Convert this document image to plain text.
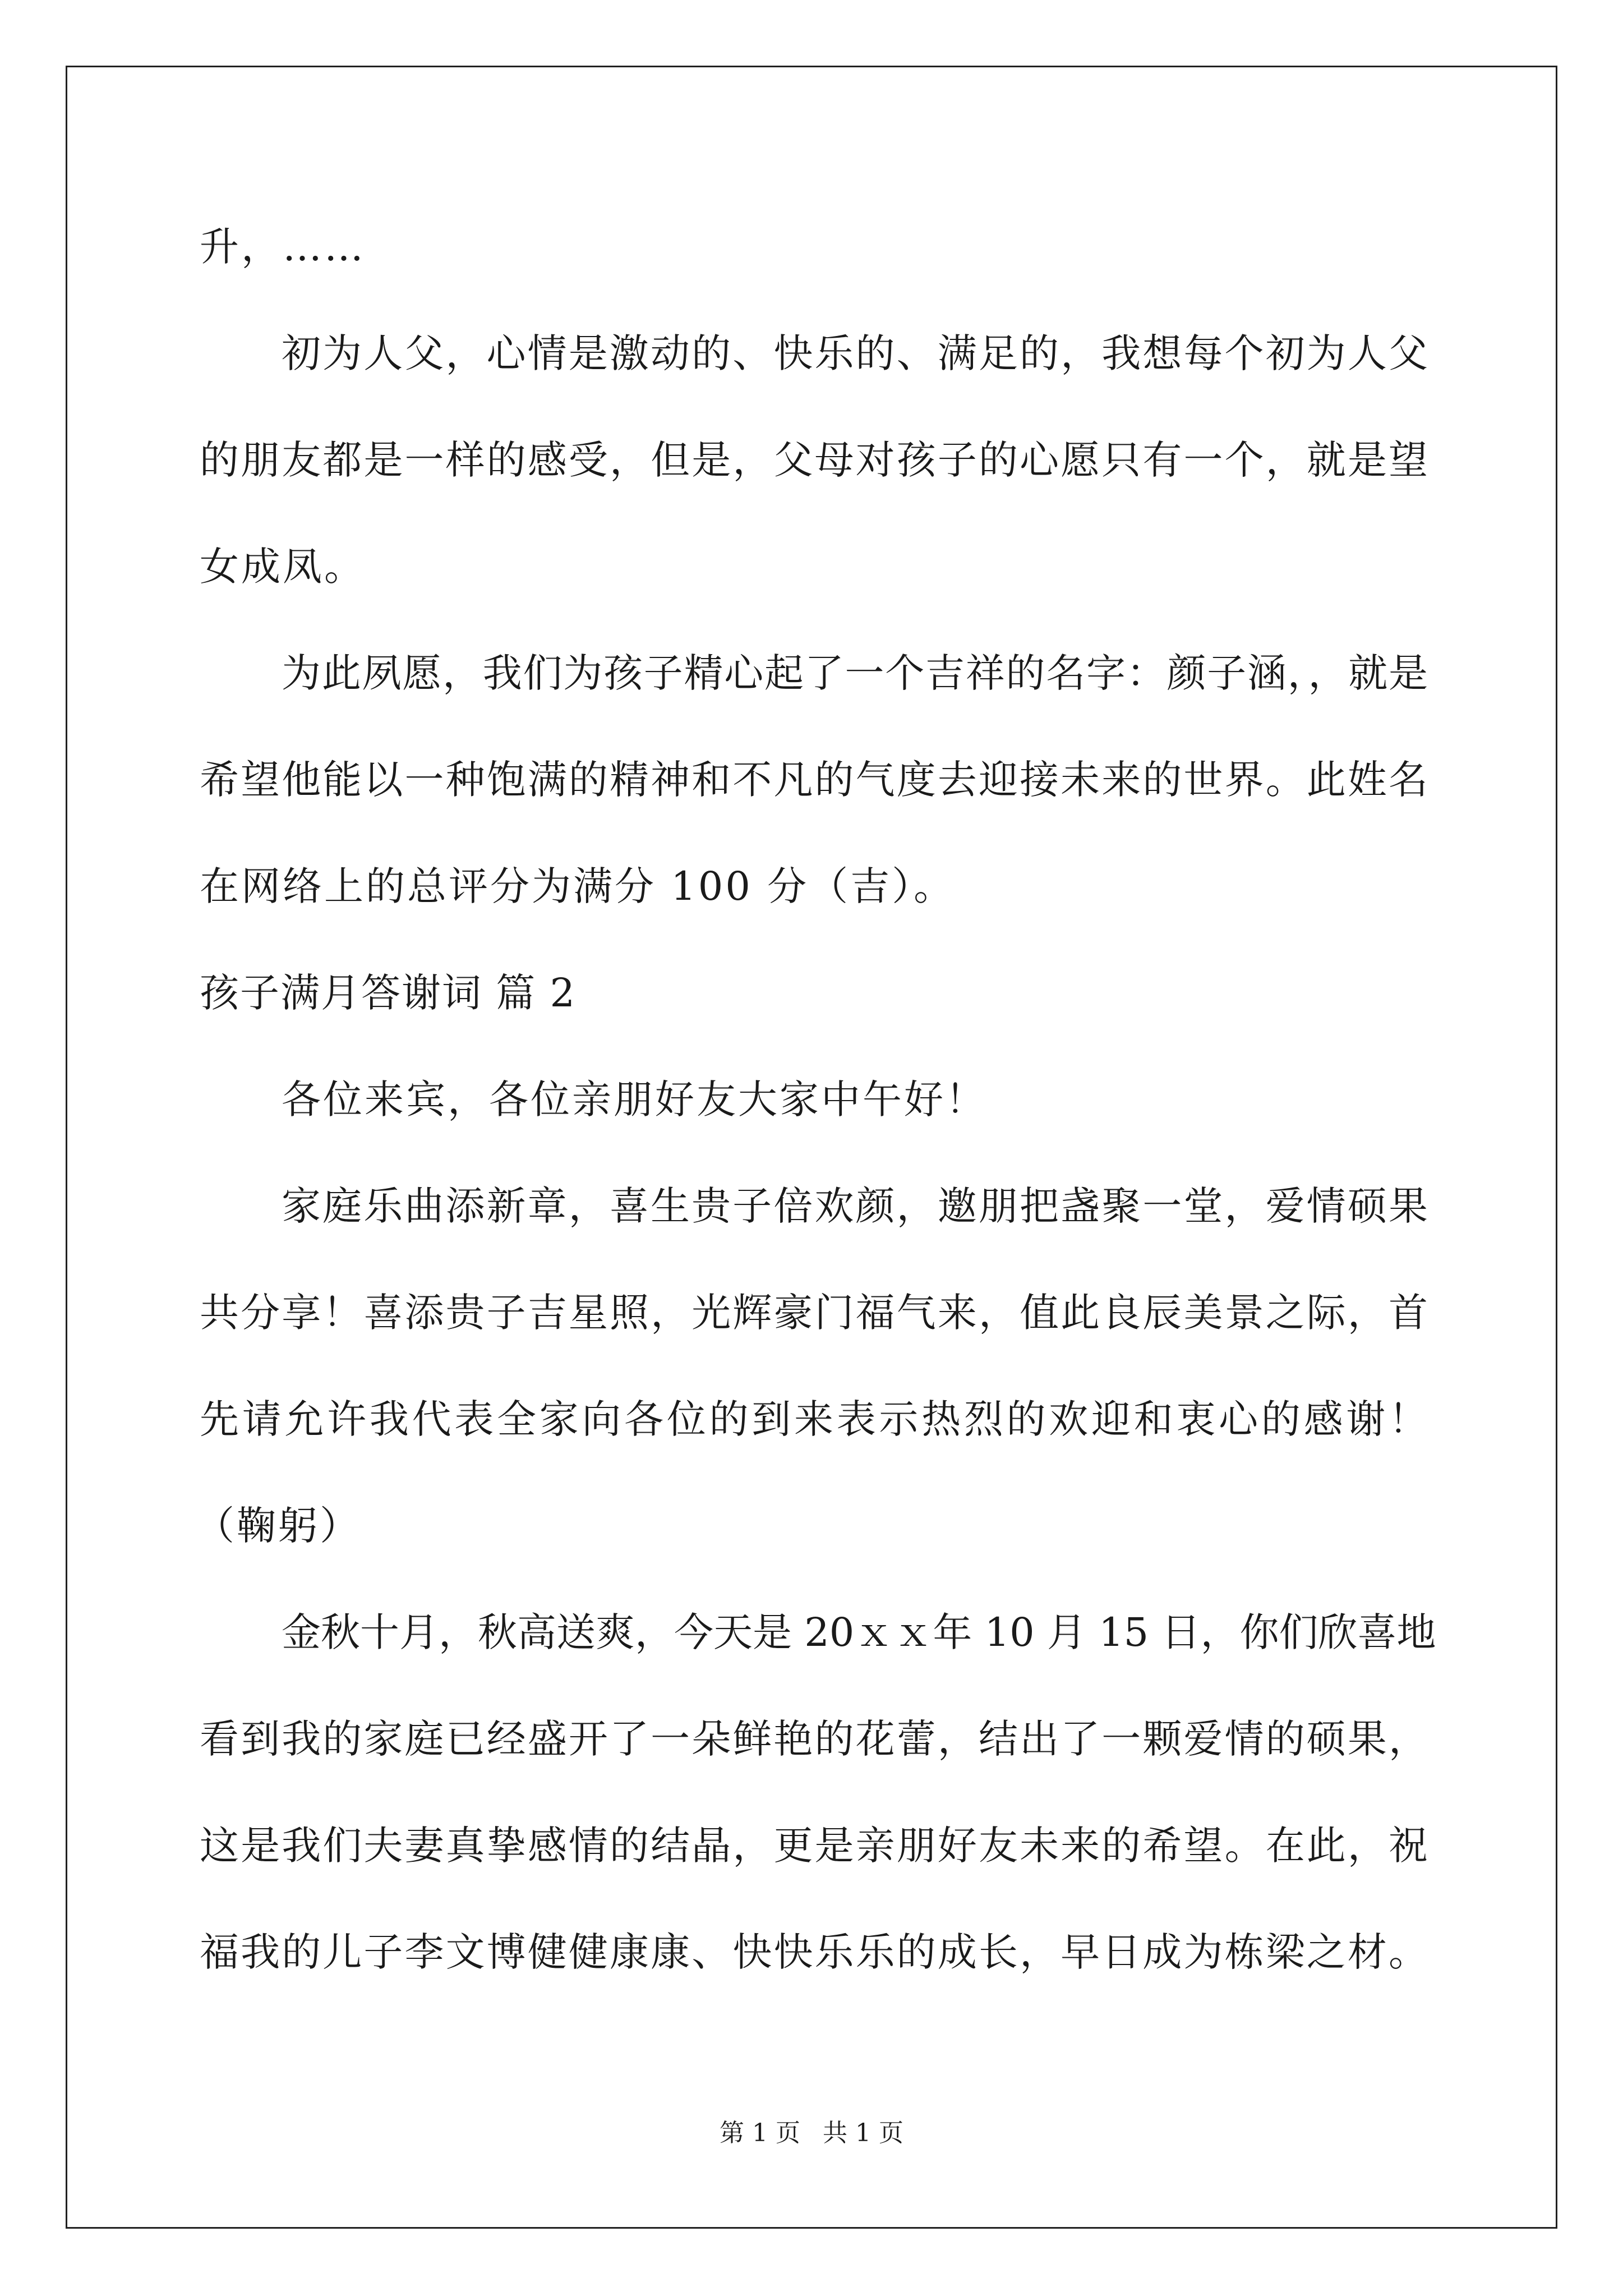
升，……
初为人父，心情是激动的、快乐的、满足的，我想每个初为人父
的朋友都是一样的感受，但是，父母对孩子的心愿只有一个，就是望
女成凤。
为此夙愿，我们为孩子精心起了一个吉祥的名字：颜子涵，，就是
希望他能以一种饱满的精神和不凡的气度去迎接未来的世界。此姓名
在网络上的总评分为满分 100 分（吉）。
孩子满月答谢词 篇 2
各位来宾，各位亲朋好友大家中午好！
家庭乐曲添新章，喜生贵子倍欢颜，邀朋把盏聚一堂，爱情硕果
共分享！喜添贵子吉星照，光辉豪门福气来，值此良辰美景之际，首
先请允许我代表全家向各位的到来表示热烈的欢迎和衷心的感谢！
（鞠躬）
金秋十月，秋高送爽，今天是 20ｘｘ年 10 月 15 日，你们欣喜地
看到我的家庭已经盛开了一朵鲜艳的花蕾，结出了一颗爱情的硕果，
这是我们夫妻真挚感情的结晶，更是亲朋好友未来的希望。在此，祝
福我的儿子李文博健健康康、快快乐乐的成长，早日成为栋梁之材。
第 1 页 共 1 页
